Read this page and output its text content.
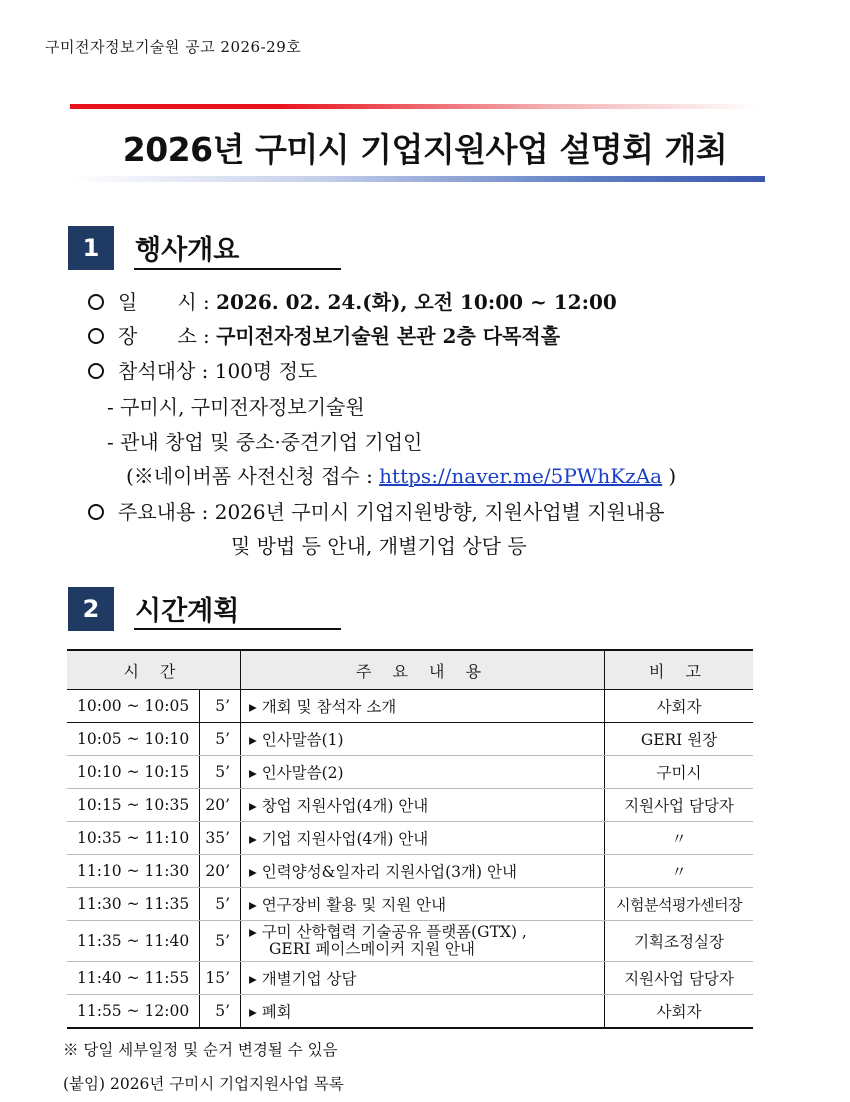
구미전자정보기술원 공고 2026-29호
2026년 구미시 기업지원사업 설명회 개최
1	행사개요
일　　시 : 2026. 02. 24.(화), 오전 10:00 ~ 12:00
장　　소 : 구미전자정보기술원 본관 2층 다목적홀
참석대상 : 100명 정도
- 구미시, 구미전자정보기술원
- 관내 창업 및 중소·중견기업 기업인
(※네이버폼 사전신청 접수 : https://naver.me/5PWhKzAa )
주요내용 : 2026년 구미시 기업지원방향, 지원사업별 지원내용
및 방법 등 안내, 개별기업 상담 등
2	시간계획
시 간		주 요 내 용	비 고
10:00 ~ 10:05	5’	▸ 개회 및 참석자 소개	사회자
10:05 ~ 10:10	5’	▸ 인사말씀(1)	GERI 원장
10:10 ~ 10:15	5’	▸ 인사말씀(2)	구미시
10:15 ~ 10:35	20’	▸ 창업 지원사업(4개) 안내	지원사업 담당자
10:35 ~ 11:10	35’	▸ 기업 지원사업(4개) 안내	〃
11:10 ~ 11:30	20’	▸ 인력양성&일자리 지원사업(3개) 안내	〃
11:30 ~ 11:35	5’	▸ 연구장비 활용 및 지원 안내	시험분석평가센터장
11:35 ~ 11:40	5’	▸ 구미 산학협력 기술공유 플랫폼(GTX) ,
GERI 페이스메이커 지원 안내	기획조정실장
11:40 ~ 11:55	15’	▸ 개별기업 상담	지원사업 담당자
11:55 ~ 12:00	5’	▸ 폐회	사회자
※ 당일 세부일정 및 순거 변경될 수 있음
(붙임) 2026년 구미시 기업지원사업 목록
